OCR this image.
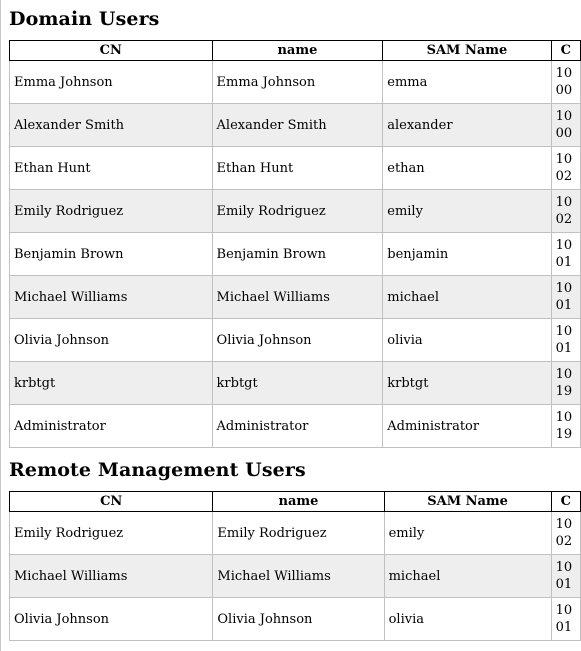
Domain Users
CN	name	SAM Name	C
Emma Johnson	Emma Johnson	emma	10
00

Alexander Smith	Alexander Smith	alexander	10
00

Ethan Hunt	Ethan Hunt	ethan	10
02

Emily Rodriguez	Emily Rodriguez	emily	10
02

Benjamin Brown	Benjamin Brown	benjamin	10
01

Michael Williams	Michael Williams	michael	10
01

Olivia Johnson	Olivia Johnson	olivia	10
01

krbtgt	krbtgt	krbtgt	10
19

Administrator	Administrator	Administrator	10
19
Remote Management Users
CN	name	SAM Name	C
Emily Rodriguez	Emily Rodriguez	emily	10
02

Michael Williams	Michael Williams	michael	10
01

Olivia Johnson	Olivia Johnson	olivia	10
01
